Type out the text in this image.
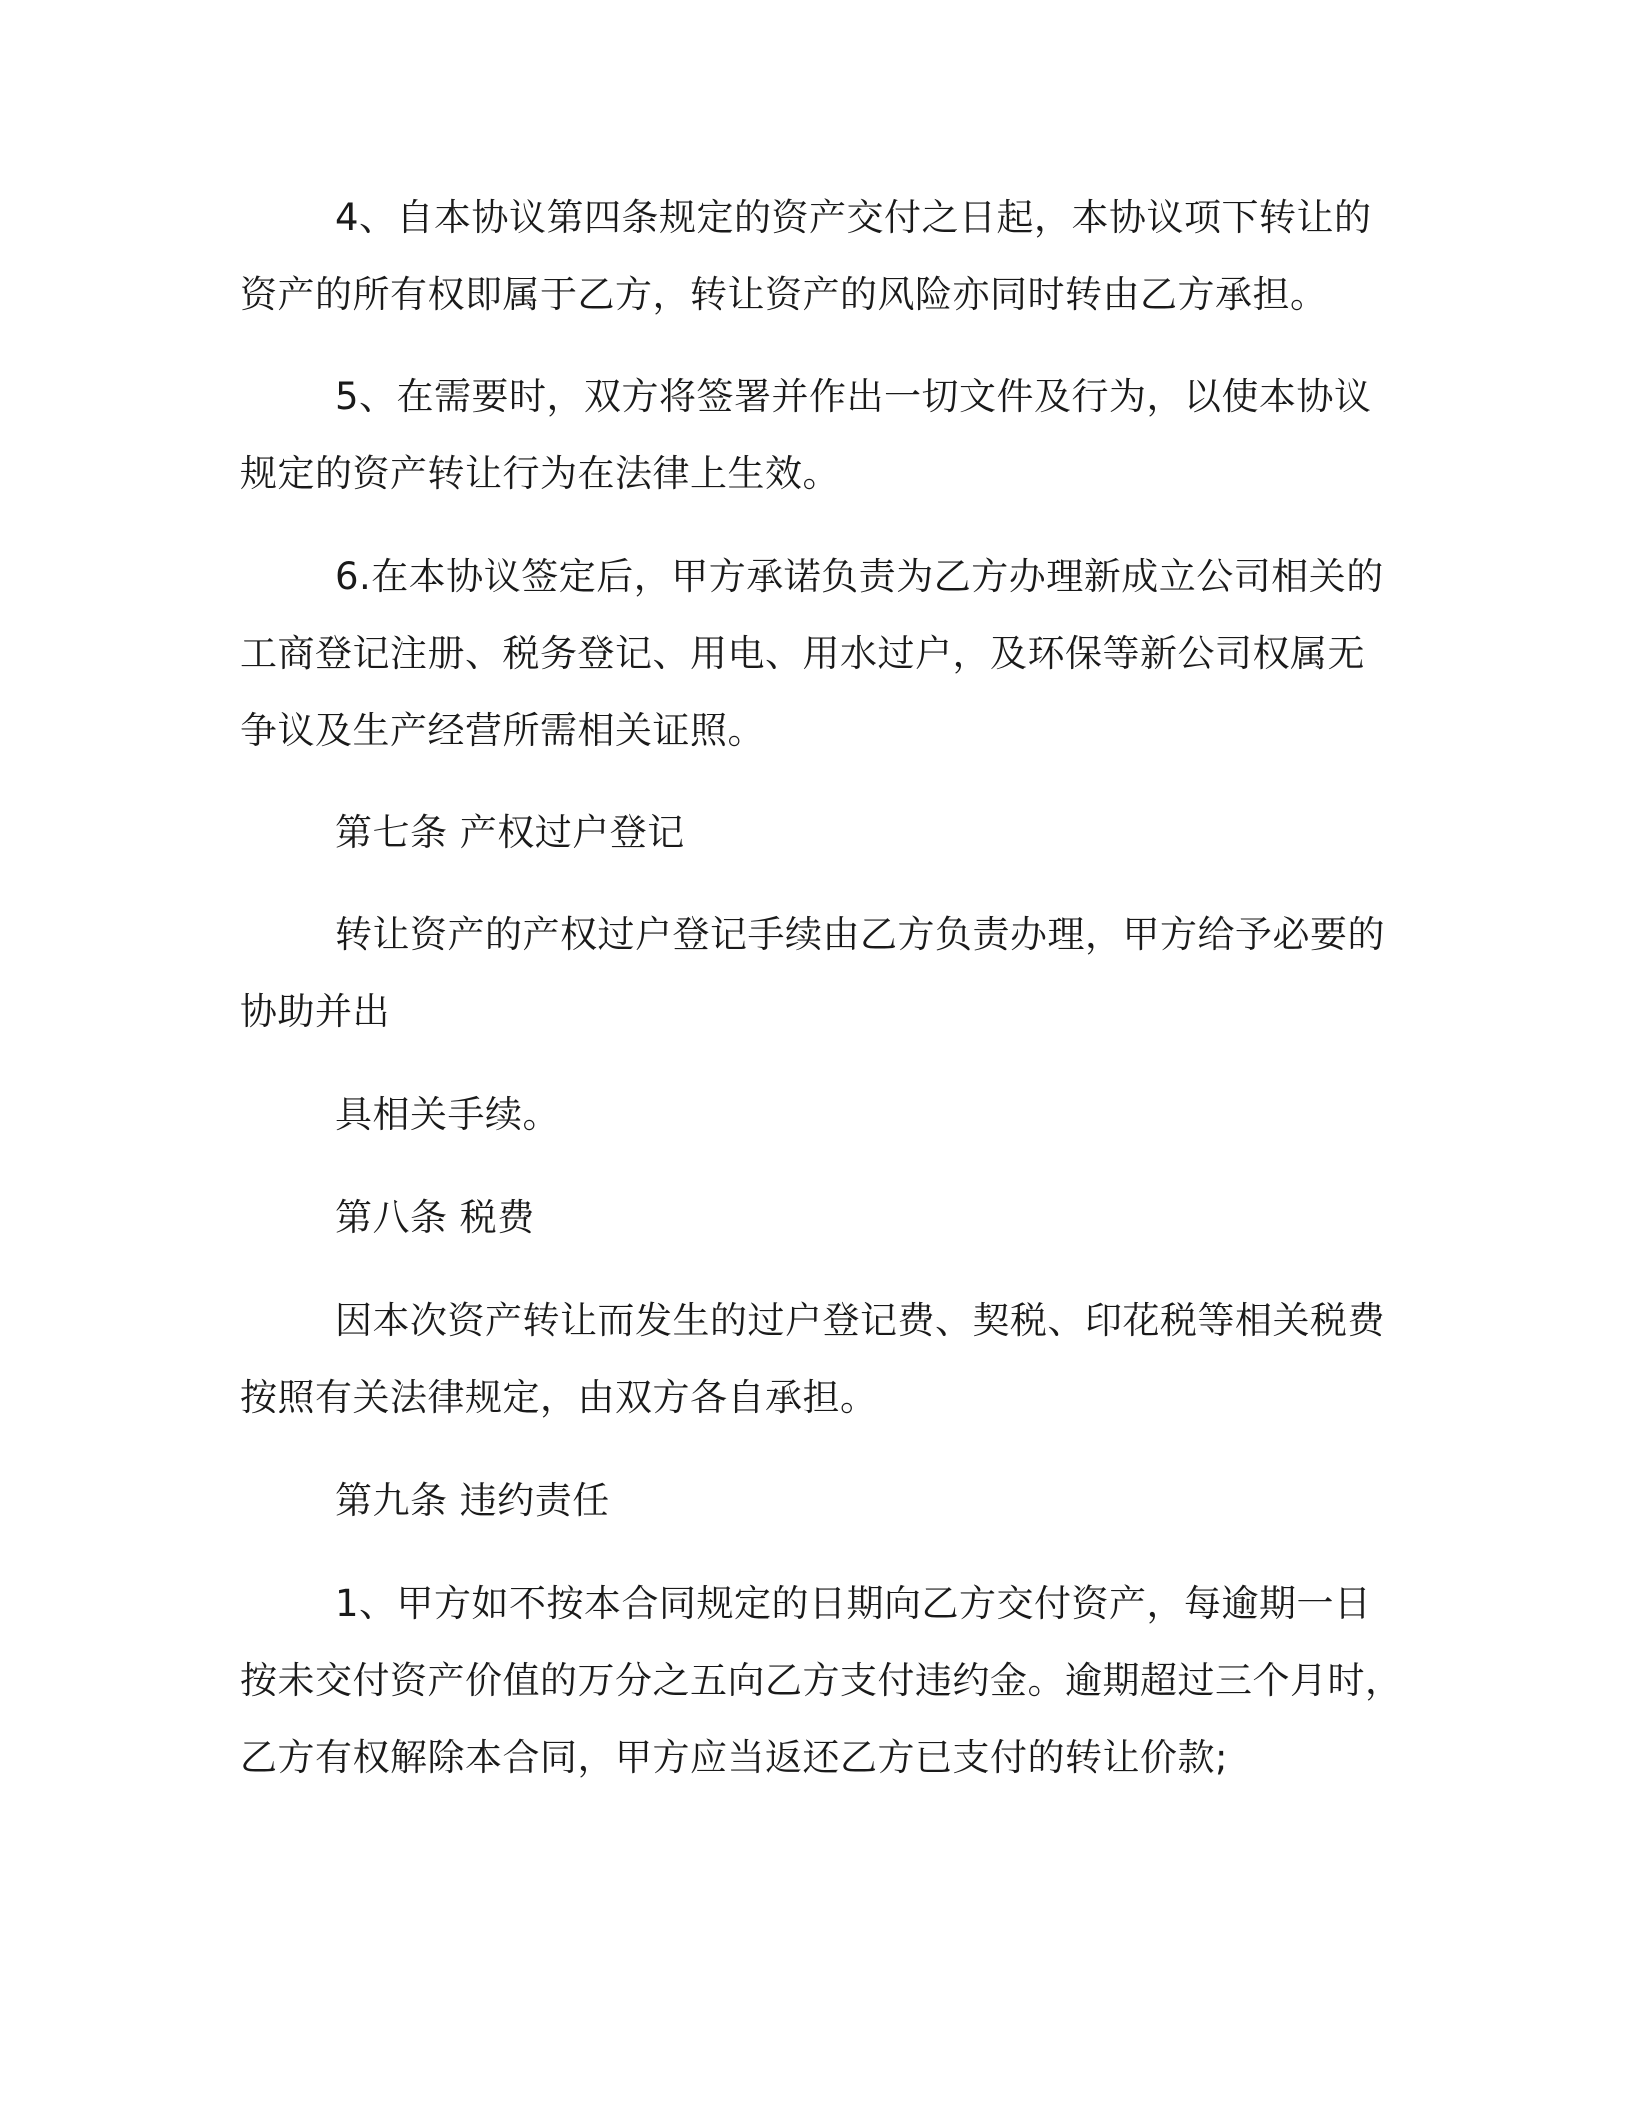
4、自本协议第四条规定的资产交付之日起，本协议项下转让的
资产的所有权即属于乙方，转让资产的风险亦同时转由乙方承担。
5、在需要时，双方将签署并作出一切文件及行为，以使本协议
规定的资产转让行为在法律上生效。
6.在本协议签定后，甲方承诺负责为乙方办理新成立公司相关的
工商登记注册、税务登记、用电、用水过户，及环保等新公司权属无
争议及生产经营所需相关证照。
第七条 产权过户登记
转让资产的产权过户登记手续由乙方负责办理，甲方给予必要的
协助并出
具相关手续。
第八条 税费
因本次资产转让而发生的过户登记费、契税、印花税等相关税费
按照有关法律规定，由双方各自承担。
第九条 违约责任
1、甲方如不按本合同规定的日期向乙方交付资产，每逾期一日
按未交付资产价值的万分之五向乙方支付违约金。逾期超过三个月时，
乙方有权解除本合同，甲方应当返还乙方已支付的转让价款;
